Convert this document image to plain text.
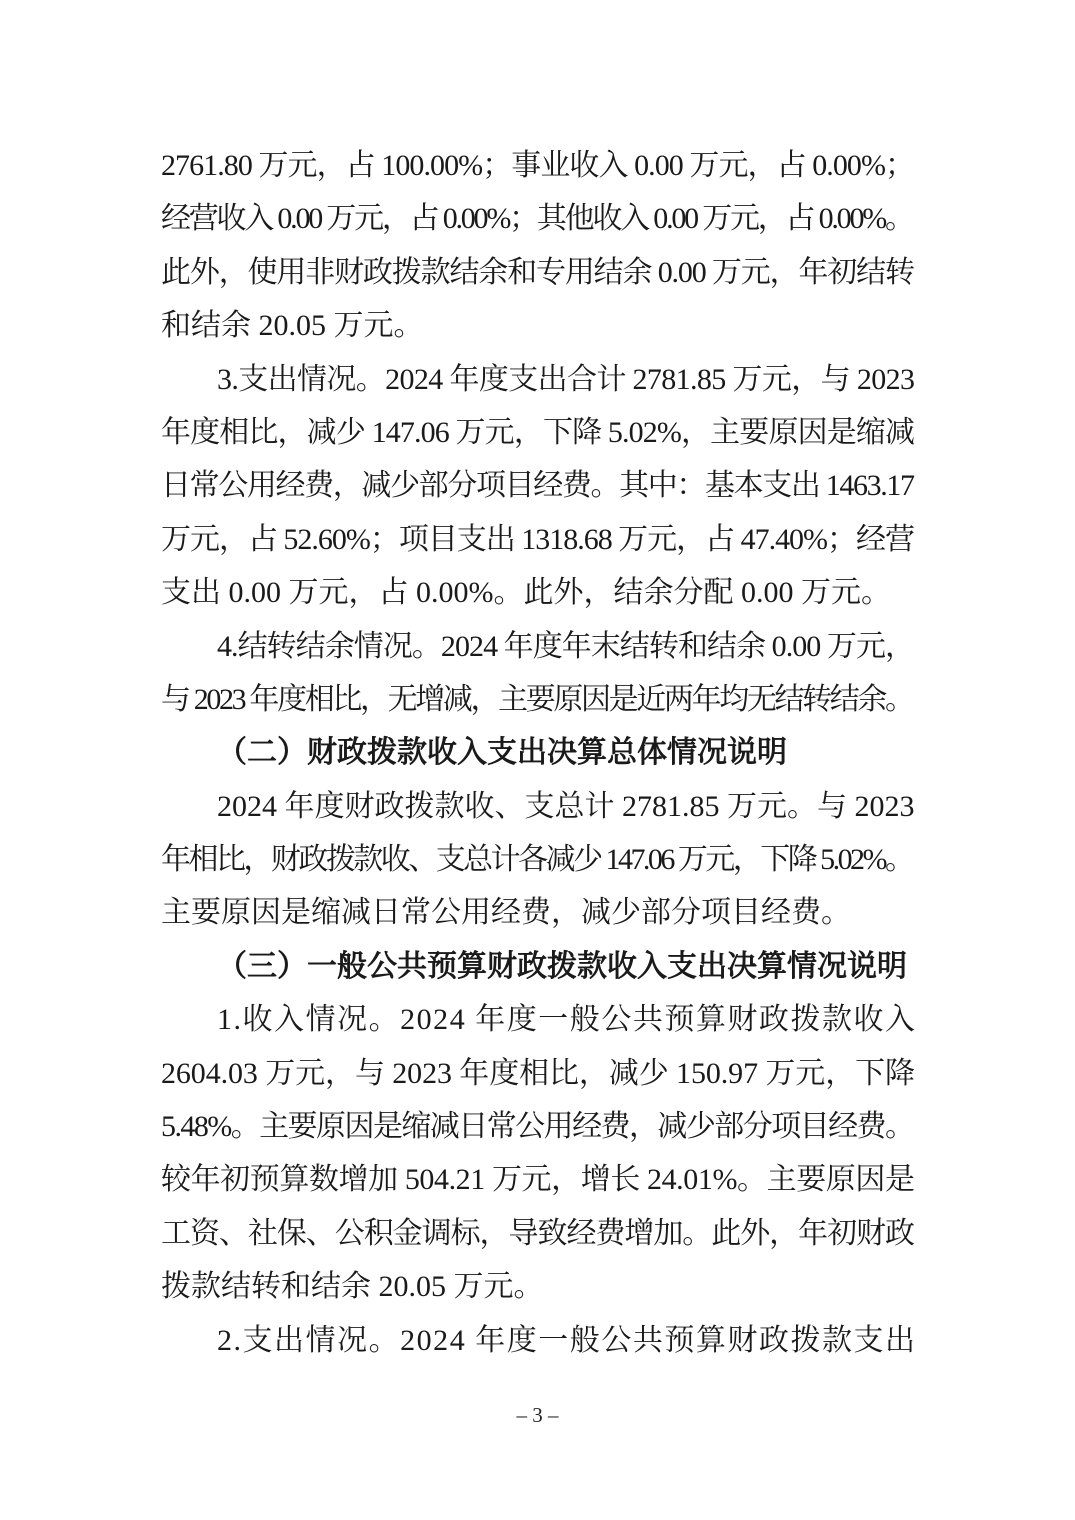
2761.80 万元，占 100.00%；事业收入 0.00 万元，占 0.00%；
经营收入 0.00 万元，占 0.00%；其他收入 0.00 万元，占 0.00%。
此外，使用非财政拨款结余和专用结余 0.00 万元，年初结转
和结余 20.05 万元。
3.支出情况。2024 年度支出合计 2781.85 万元，与 2023
年度相比，减少 147.06 万元，下降 5.02%，主要原因是缩减
日常公用经费，减少部分项目经费。其中：基本支出 1463.17
万元，占 52.60%；项目支出 1318.68 万元，占 47.40%；经营
支出 0.00 万元，占 0.00%。此外，结余分配 0.00 万元。
4.结转结余情况。2024 年度年末结转和结余 0.00 万元，
与 2023 年度相比，无增减，主要原因是近两年均无结转结余。
（二）财政拨款收入支出决算总体情况说明
2024 年度财政拨款收、支总计 2781.85 万元。与 2023
年相比，财政拨款收、支总计各减少 147.06 万元，下降 5.02%。
主要原因是缩减日常公用经费，减少部分项目经费。
（三）一般公共预算财政拨款收入支出决算情况说明
1.收入情况。2024 年度一般公共预算财政拨款收入
2604.03 万元，与 2023 年度相比，减少 150.97 万元，下降
5.48%。主要原因是缩减日常公用经费，减少部分项目经费。
较年初预算数增加 504.21 万元，增长 24.01%。主要原因是
工资、社保、公积金调标，导致经费增加。此外，年初财政
拨款结转和结余 20.05 万元。
2.支出情况。2024 年度一般公共预算财政拨款支出
– 3 –
